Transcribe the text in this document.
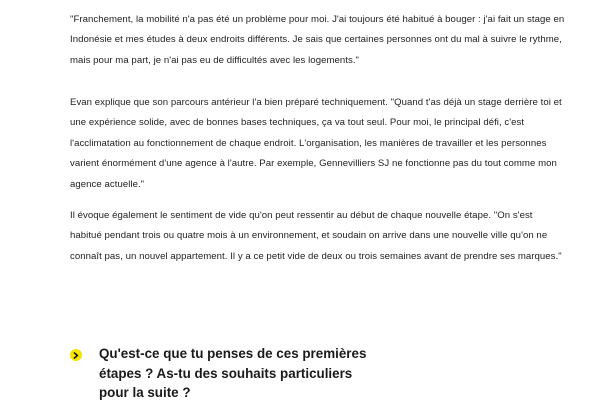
"Franchement, la mobilité n'a pas été un problème pour moi. J'ai toujours été habitué à bouger : j'ai fait un stage en Indonésie et mes études à deux endroits différents. Je sais que certaines personnes ont du mal à suivre le rythme, mais pour ma part, je n'ai pas eu de difficultés avec les logements."

Evan explique que son parcours antérieur l'a bien préparé techniquement. "Quand t'as déjà un stage derrière toi et une expérience solide, avec de bonnes bases techniques, ça va tout seul. Pour moi, le principal défi, c'est l'acclimatation au fonctionnement de chaque endroit. L'organisation, les manières de travailler et les personnes varient énormément d'une agence à l'autre. Par exemple, Gennevilliers SJ ne fonctionne pas du tout comme mon agence actuelle."

Il évoque également le sentiment de vide qu'on peut ressentir au début de chaque nouvelle étape. "On s'est habitué pendant trois ou quatre mois à un environnement, et soudain on arrive dans une nouvelle ville qu'on ne connaît pas, un nouvel appartement. Il y a ce petit vide de deux ou trois semaines avant de prendre ses marques."

Qu'est-ce que tu penses de ces premières étapes ? As-tu des souhaits particuliers pour la suite ?
